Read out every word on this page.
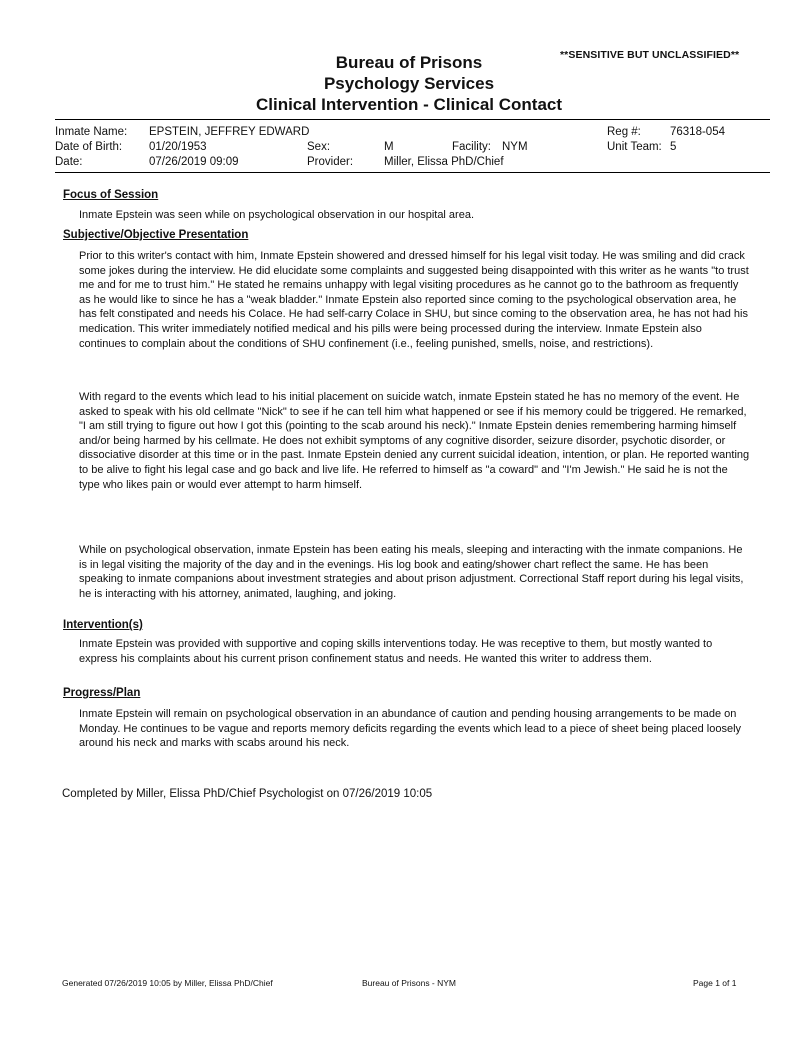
Bureau of Prisons
Psychology Services
Clinical Intervention - Clinical Contact
**SENSITIVE BUT UNCLASSIFIED**
Inmate Name: EPSTEIN, JEFFREY EDWARD
Date of Birth: 01/20/1953
Date:	07/26/2019 09:09
Sex:	M
Provider:	Miller, Elissa PhD/Chief
Facility: NYM
Reg #:	76318-054
Unit Team: 5
Focus of Session
Inmate Epstein was seen while on psychological observation in our hospital area.
Subjective/Objective Presentation
Prior to this writer's contact with him, Inmate Epstein showered and dressed himself for his legal visit today. He was smiling and did crack some jokes during the interview. He did elucidate some complaints and suggested being disappointed with this writer as he wants "to trust me and for me to trust him." He stated he remains unhappy with legal visiting procedures as he cannot go to the bathroom as frequently as he would like to since he has a "weak bladder." Inmate Epstein also reported since coming to the psychological observation area, he has felt constipated and needs his Colace. He had self-carry Colace in SHU, but since coming to the observation area, he has not had his medication. This writer immediately notified medical and his pills were being processed during the interview. Inmate Epstein also continues to complain about the conditions of SHU confinement (i.e., feeling punished, smells, noise, and restrictions).
With regard to the events which lead to his initial placement on suicide watch, inmate Epstein stated he has no memory of the event. He asked to speak with his old cellmate "Nick" to see if he can tell him what happened or see if his memory could be triggered. He remarked, "I am still trying to figure out how I got this (pointing to the scab around his neck)." Inmate Epstein denies remembering harming himself and/or being harmed by his cellmate. He does not exhibit symptoms of any cognitive disorder, seizure disorder, psychotic disorder, or dissociative disorder at this time or in the past. Inmate Epstein denied any current suicidal ideation, intention, or plan. He reported wanting to be alive to fight his legal case and go back and live life. He referred to himself as "a coward" and "I'm Jewish." He said he is not the type who likes pain or would ever attempt to harm himself.
While on psychological observation, inmate Epstein has been eating his meals, sleeping and interacting with the inmate companions. He is in legal visiting the majority of the day and in the evenings. His log book and eating/shower chart reflect the same. He has been speaking to inmate companions about investment strategies and about prison adjustment. Correctional Staff report during his legal visits, he is interacting with his attorney, animated, laughing, and joking.
Intervention(s)
Inmate Epstein was provided with supportive and coping skills interventions today. He was receptive to them, but mostly wanted to express his complaints about his current prison confinement status and needs. He wanted this writer to address them.
Progress/Plan
Inmate Epstein will remain on psychological observation in an abundance of caution and pending housing arrangements to be made on Monday. He continues to be vague and reports memory deficits regarding the events which lead to a piece of sheet being placed loosely around his neck and marks with scabs around his neck.
Completed by Miller, Elissa PhD/Chief Psychologist on 07/26/2019 10:05
Generated 07/26/2019 10:05 by Miller, Elissa PhD/Chief	Bureau of Prisons - NYM	Page 1 of 1
